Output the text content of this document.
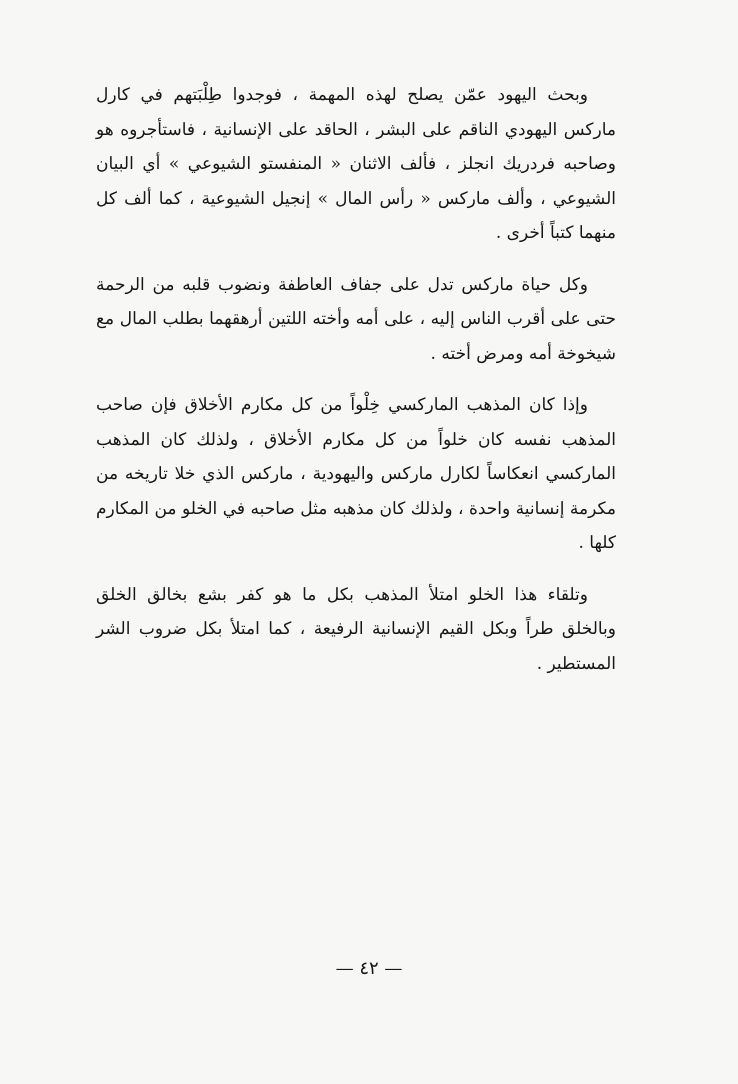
وبحث اليهود عمّن يصلح لهذه المهمة ، فوجدوا طِلْبَتهم في كارل ماركس اليهودي الناقم على البشر ، الحاقد على الإنسانية ، فاستأجروه هو وصاحبه فردريك انجلز ، فألف الاثنان « المنفستو الشيوعي » أي البيان الشيوعي ، وألف ماركس « رأس المال » إنجيل الشيوعية ، كما ألف كل منهما كتباً أخرى .

وكل حياة ماركس تدل على جفاف العاطفة ونضوب قلبه من الرحمة حتى على أقرب الناس إليه ، على أمه وأخته اللتين أرهقهما بطلب المال مع شيخوخة أمه ومرض أخته .

وإذا كان المذهب الماركسي خِلْواً من كل مكارم الأخلاق فإن صاحب المذهب نفسه كان خلواً من كل مكارم الأخلاق ، ولذلك كان المذهب الماركسي انعكاساً لكارل ماركس واليهودية ، ماركس الذي خلا تاريخه من مكرمة إنسانية واحدة ، ولذلك كان مذهبه مثل صاحبه في الخلو من المكارم كلها .

وتلقاء هذا الخلو امتلأ المذهب بكل ما هو كفر بشع بخالق الخلق وبالخلق طراً وبكل القيم الإنسانية الرفيعة ، كما امتلأ بكل ضروب الشر المستطير .

— ٤٢ —
